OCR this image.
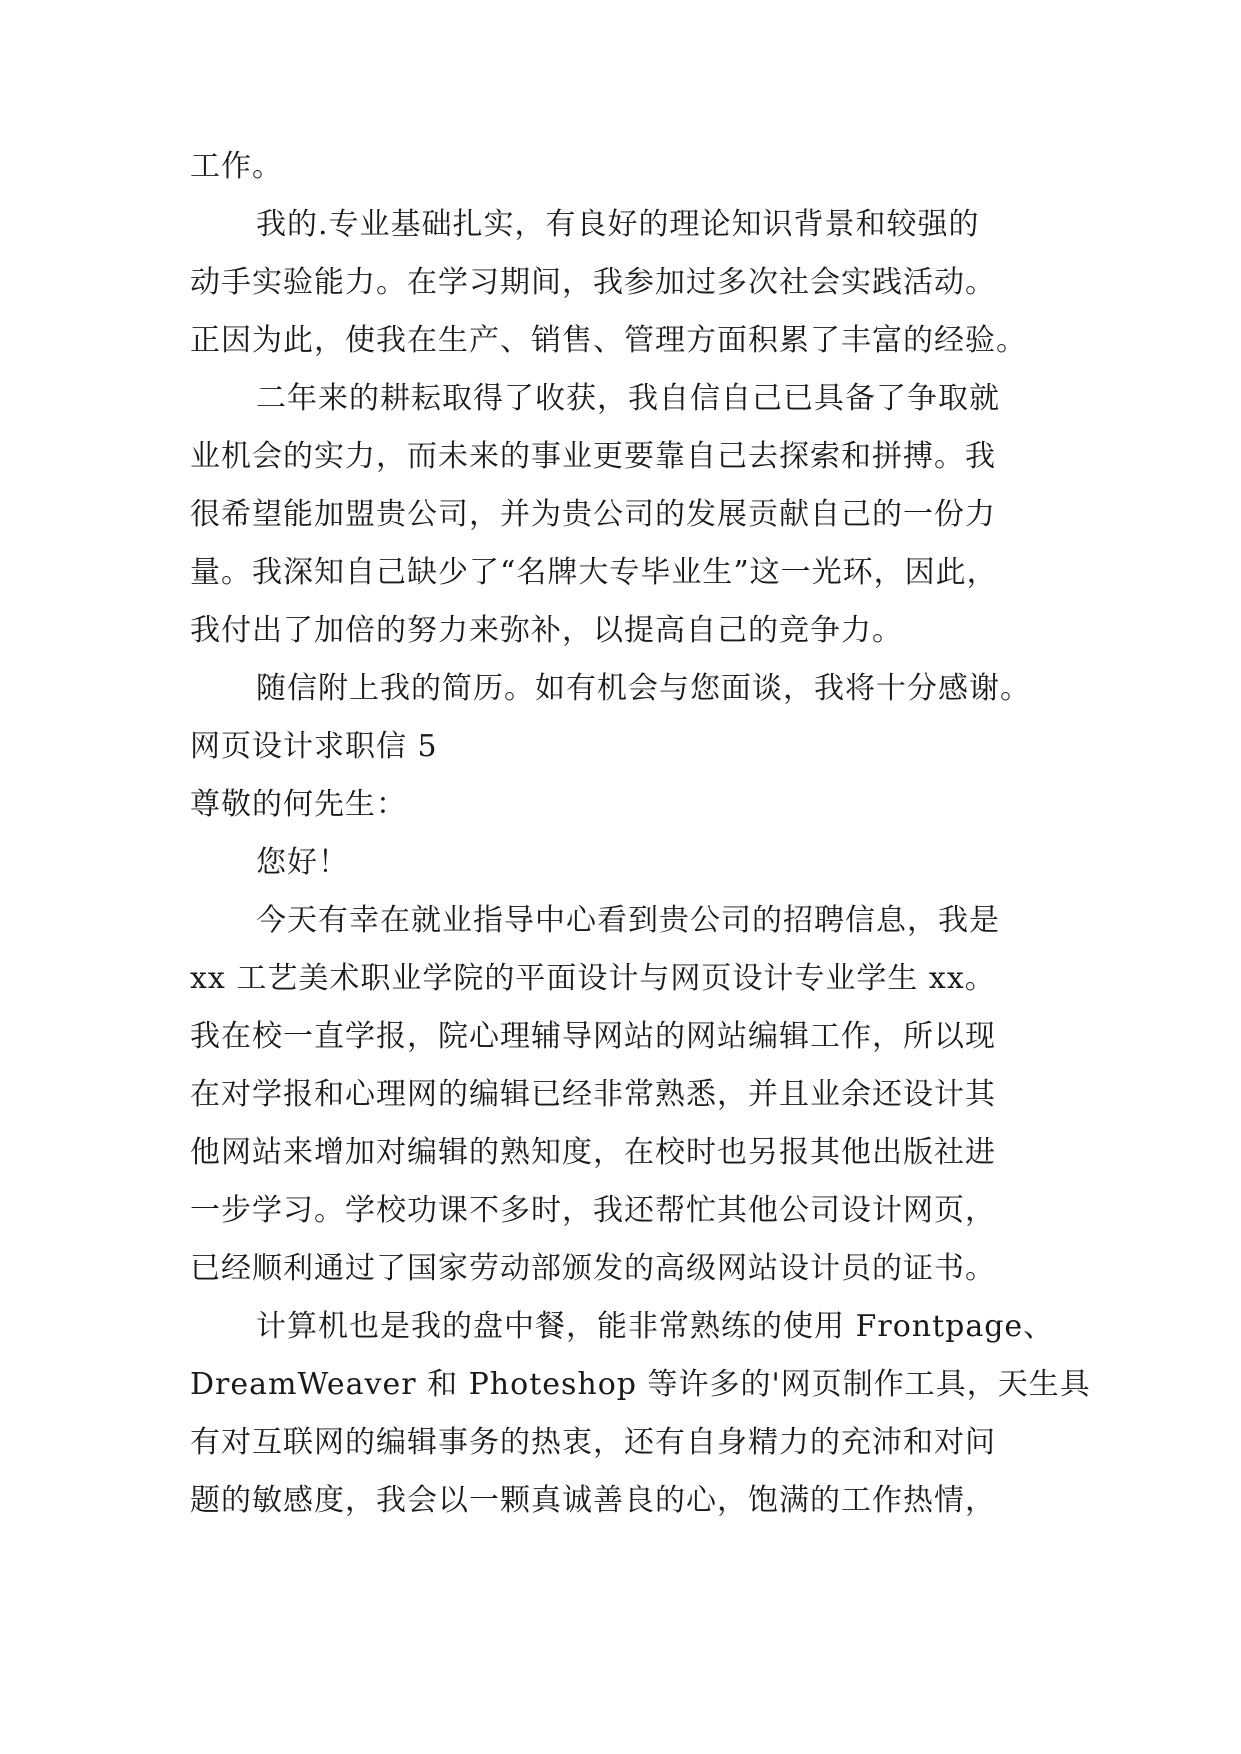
工作。
我的.专业基础扎实，有良好的理论知识背景和较强的
动手实验能力。在学习期间，我参加过多次社会实践活动。
正因为此，使我在生产、销售、管理方面积累了丰富的经验。
二年来的耕耘取得了收获，我自信自己已具备了争取就
业机会的实力，而未来的事业更要靠自己去探索和拼搏。我
很希望能加盟贵公司，并为贵公司的发展贡献自己的一份力
量。我深知自己缺少了“名牌大专毕业生”这一光环，因此，
我付出了加倍的努力来弥补，以提高自己的竞争力。
随信附上我的简历。如有机会与您面谈，我将十分感谢。
网页设计求职信 5
尊敬的何先生：
您好！
今天有幸在就业指导中心看到贵公司的招聘信息，我是
xx 工艺美术职业学院的平面设计与网页设计专业学生 xx。
我在校一直学报，院心理辅导网站的网站编辑工作，所以现
在对学报和心理网的编辑已经非常熟悉，并且业余还设计其
他网站来增加对编辑的熟知度，在校时也另报其他出版社进
一步学习。学校功课不多时，我还帮忙其他公司设计网页，
已经顺利通过了国家劳动部颁发的高级网站设计员的证书。
计算机也是我的盘中餐，能非常熟练的使用 Frontpage、
DreamWeaver 和 Photeshop 等许多的'网页制作工具，天生具
有对互联网的编辑事务的热衷，还有自身精力的充沛和对问
题的敏感度，我会以一颗真诚善良的心，饱满的工作热情，
